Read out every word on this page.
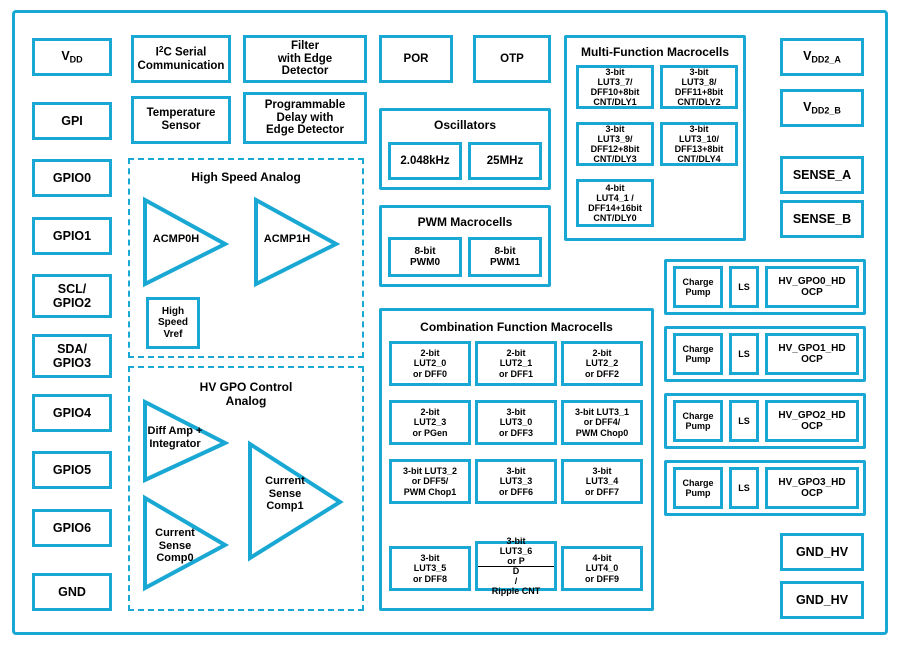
$V_{DD}$
GPI
GPIO0
GPIO1
SCL/
GPIO2
SDA/
GPIO3
GPIO4
GPIO5
GPIO6
GND
$I^2C$ Serial
Communication
Filter
with Edge
Detector
POR	OTP
Temperature
Sensor
Programmable
Delay with
Edge Detector
Multi-Function Macrocells
3-bit
LUT3_7/
DFF10+8bit
CNT/DLY1
3-bit
LUT3_8/
DFF11+8bit
CNT/DLY2
3-bit
LUT3_9/
DFF12+8bit
CNT/DLY3
3-bit
LUT3_10/
DFF13+8bit
CNT/DLY4
4-bit
LUT4_1 /
DFF14+16bit
CNT/DLY0
$V_{DD2\_A}$
$V_{DD2\_B}$
SENSE_A
SENSE_B
GND_HV
GND_HV
Oscillators
2.048kHz	25MHz
PWM Macrocells
8-bit
PWM0
8-bit
PWM1
High Speed Analog
ACMP0H	ACMP1H
High
Speed
Vref
HV GPO Control
Analog
Diff Amp +
Integrator
Current
Sense
Comp0
Current
Sense
Comp1
Combination Function Macrocells
2-bit
LUT2_0
or DFF0
2-bit
LUT2_1
or DFF1
2-bit
LUT2_2
or DFF2
2-bit
LUT2_3
or PGen
3-bit
LUT3_0
or DFF3
3-bit LUT3_1
or DFF4/
PWM Chop0
3-bit LUT3_2
or DFF5/
PWM Chop1
3-bit
LUT3_3
or DFF6
3-bit
LUT3_4
or DFF7
3-bit
LUT3_5
or DFF8
3-bit
LUT3_6
or P
D
/
Ripple CNT
4-bit
LUT4_0
or DFF9
Charge
Pump
LS
HV_GPO0_HD
OCP
Charge
Pump
LS
HV_GPO1_HD
OCP
Charge
Pump
LS
HV_GPO2_HD
OCP
Charge
Pump
LS
HV_GPO3_HD
OCP
